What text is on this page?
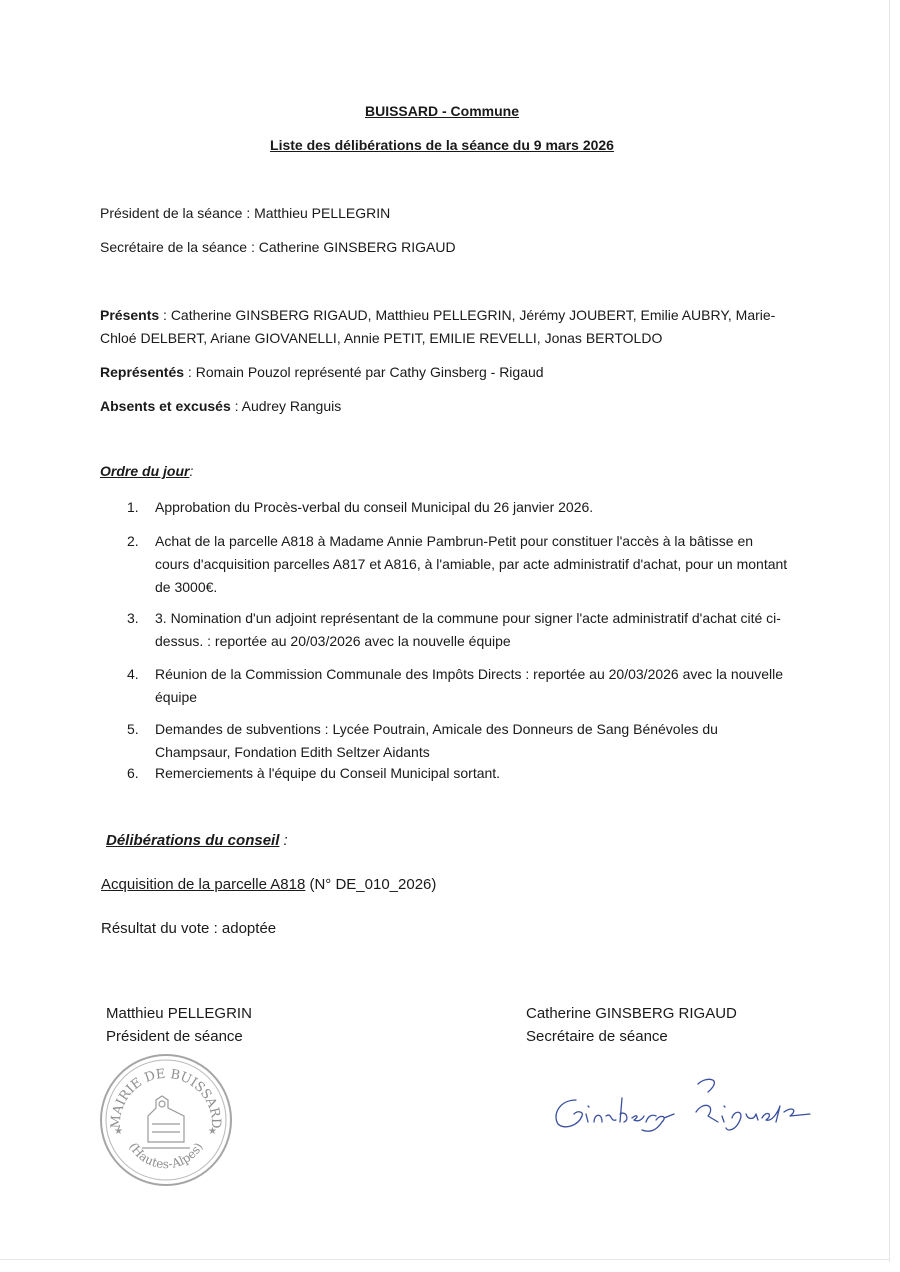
BUISSARD - Commune
Liste des délibérations de la séance du 9 mars 2026
Président de la séance : Matthieu PELLEGRIN
Secrétaire de la séance : Catherine GINSBERG RIGAUD
Présents : Catherine GINSBERG RIGAUD, Matthieu PELLEGRIN, Jérémy JOUBERT, Emilie AUBRY, Marie-
Chloé DELBERT, Ariane GIOVANELLI, Annie PETIT, EMILIE REVELLI, Jonas BERTOLDO
Représentés : Romain Pouzol représenté par Cathy Ginsberg - Rigaud
Absents et excusés : Audrey Ranguis
Ordre du jour:
1.	Approbation du Procès-verbal du conseil Municipal du 26 janvier 2026.
2.	Achat de la parcelle A818 à Madame Annie Pambrun-Petit pour constituer l'accès à la bâtisse en cours d'acquisition parcelles A817 et A816, à l'amiable, par acte administratif d'achat, pour un montant de 3000€.
3.	3. Nomination d'un adjoint représentant de la commune pour signer l'acte administratif d'achat cité ci-dessus. : reportée au 20/03/2026 avec la nouvelle équipe
4.	Réunion de la Commission Communale des Impôts Directs : reportée au 20/03/2026 avec la nouvelle équipe
5.	Demandes de subventions : Lycée Poutrain, Amicale des Donneurs de Sang Bénévoles du Champsaur, Fondation Edith Seltzer Aidants
6.	Remerciements à l'équipe du Conseil Municipal sortant.
Délibérations du conseil :
Acquisition de la parcelle A818 (N° DE_010_2026)
Résultat du vote : adoptée
Matthieu PELLEGRIN
Président de séance
Catherine GINSBERG RIGAUD
Secrétaire de séance
MAIRIE DE BUISSARD
(Hautes-Alpes)
★	★
